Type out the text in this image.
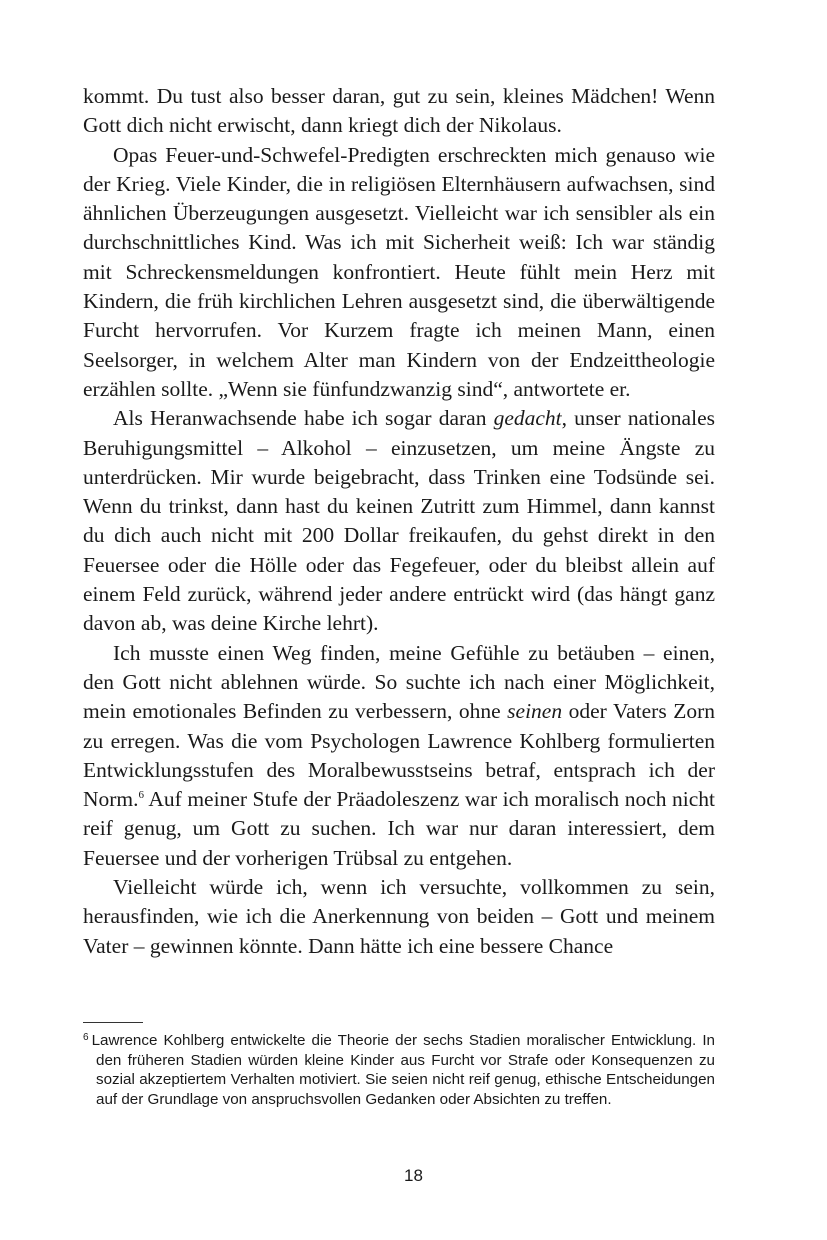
kommt. Du tust also besser daran, gut zu sein, kleines Mädchen! Wenn Gott dich nicht erwischt, dann kriegt dich der Nikolaus.

Opas Feuer-und-Schwefel-Predigten erschreckten mich genauso wie der Krieg. Viele Kinder, die in religiösen Elternhäusern aufwachsen, sind ähnlichen Überzeugungen ausgesetzt. Vielleicht war ich sensibler als ein durchschnittliches Kind. Was ich mit Sicherheit weiß: Ich war ständig mit Schreckensmeldungen konfrontiert. Heute fühlt mein Herz mit Kindern, die früh kirchlichen Lehren ausgesetzt sind, die überwältigende Furcht hervorrufen. Vor Kurzem fragte ich meinen Mann, einen Seelsorger, in welchem Alter man Kindern von der Endzeittheologie erzählen sollte. „Wenn sie fünfundzwanzig sind“, antwortete er.

Als Heranwachsende habe ich sogar daran gedacht, unser nationales Beruhigungsmittel – Alkohol – einzusetzen, um meine Ängste zu unterdrücken. Mir wurde beigebracht, dass Trinken eine Todsünde sei. Wenn du trinkst, dann hast du keinen Zutritt zum Himmel, dann kannst du dich auch nicht mit 200 Dollar freikaufen, du gehst direkt in den Feuersee oder die Hölle oder das Fegefeuer, oder du bleibst allein auf einem Feld zurück, während jeder andere entrückt wird (das hängt ganz davon ab, was deine Kirche lehrt).

Ich musste einen Weg finden, meine Gefühle zu betäuben – einen, den Gott nicht ablehnen würde. So suchte ich nach einer Möglichkeit, mein emotionales Befinden zu verbessern, ohne seinen oder Vaters Zorn zu erregen. Was die vom Psychologen Lawrence Kohlberg formulierten Entwicklungsstufen des Moralbewusstseins betraf, entsprach ich der Norm.$^6$ Auf meiner Stufe der Präadoleszenz war ich moralisch noch nicht reif genug, um Gott zu suchen. Ich war nur daran interessiert, dem Feuersee und der vorherigen Trübsal zu entgehen.

Vielleicht würde ich, wenn ich versuchte, vollkommen zu sein, herausfinden, wie ich die Anerkennung von beiden – Gott und meinem Vater – gewinnen könnte. Dann hätte ich eine bessere Chance

$^6$ Lawrence Kohlberg entwickelte die Theorie der sechs Stadien moralischer Entwicklung. In den früheren Stadien würden kleine Kinder aus Furcht vor Strafe oder Konsequenzen zu sozial akzeptiertem Verhalten motiviert. Sie seien nicht reif genug, ethische Entscheidungen auf der Grundlage von anspruchsvollen Gedanken oder Absichten zu treffen.
18
